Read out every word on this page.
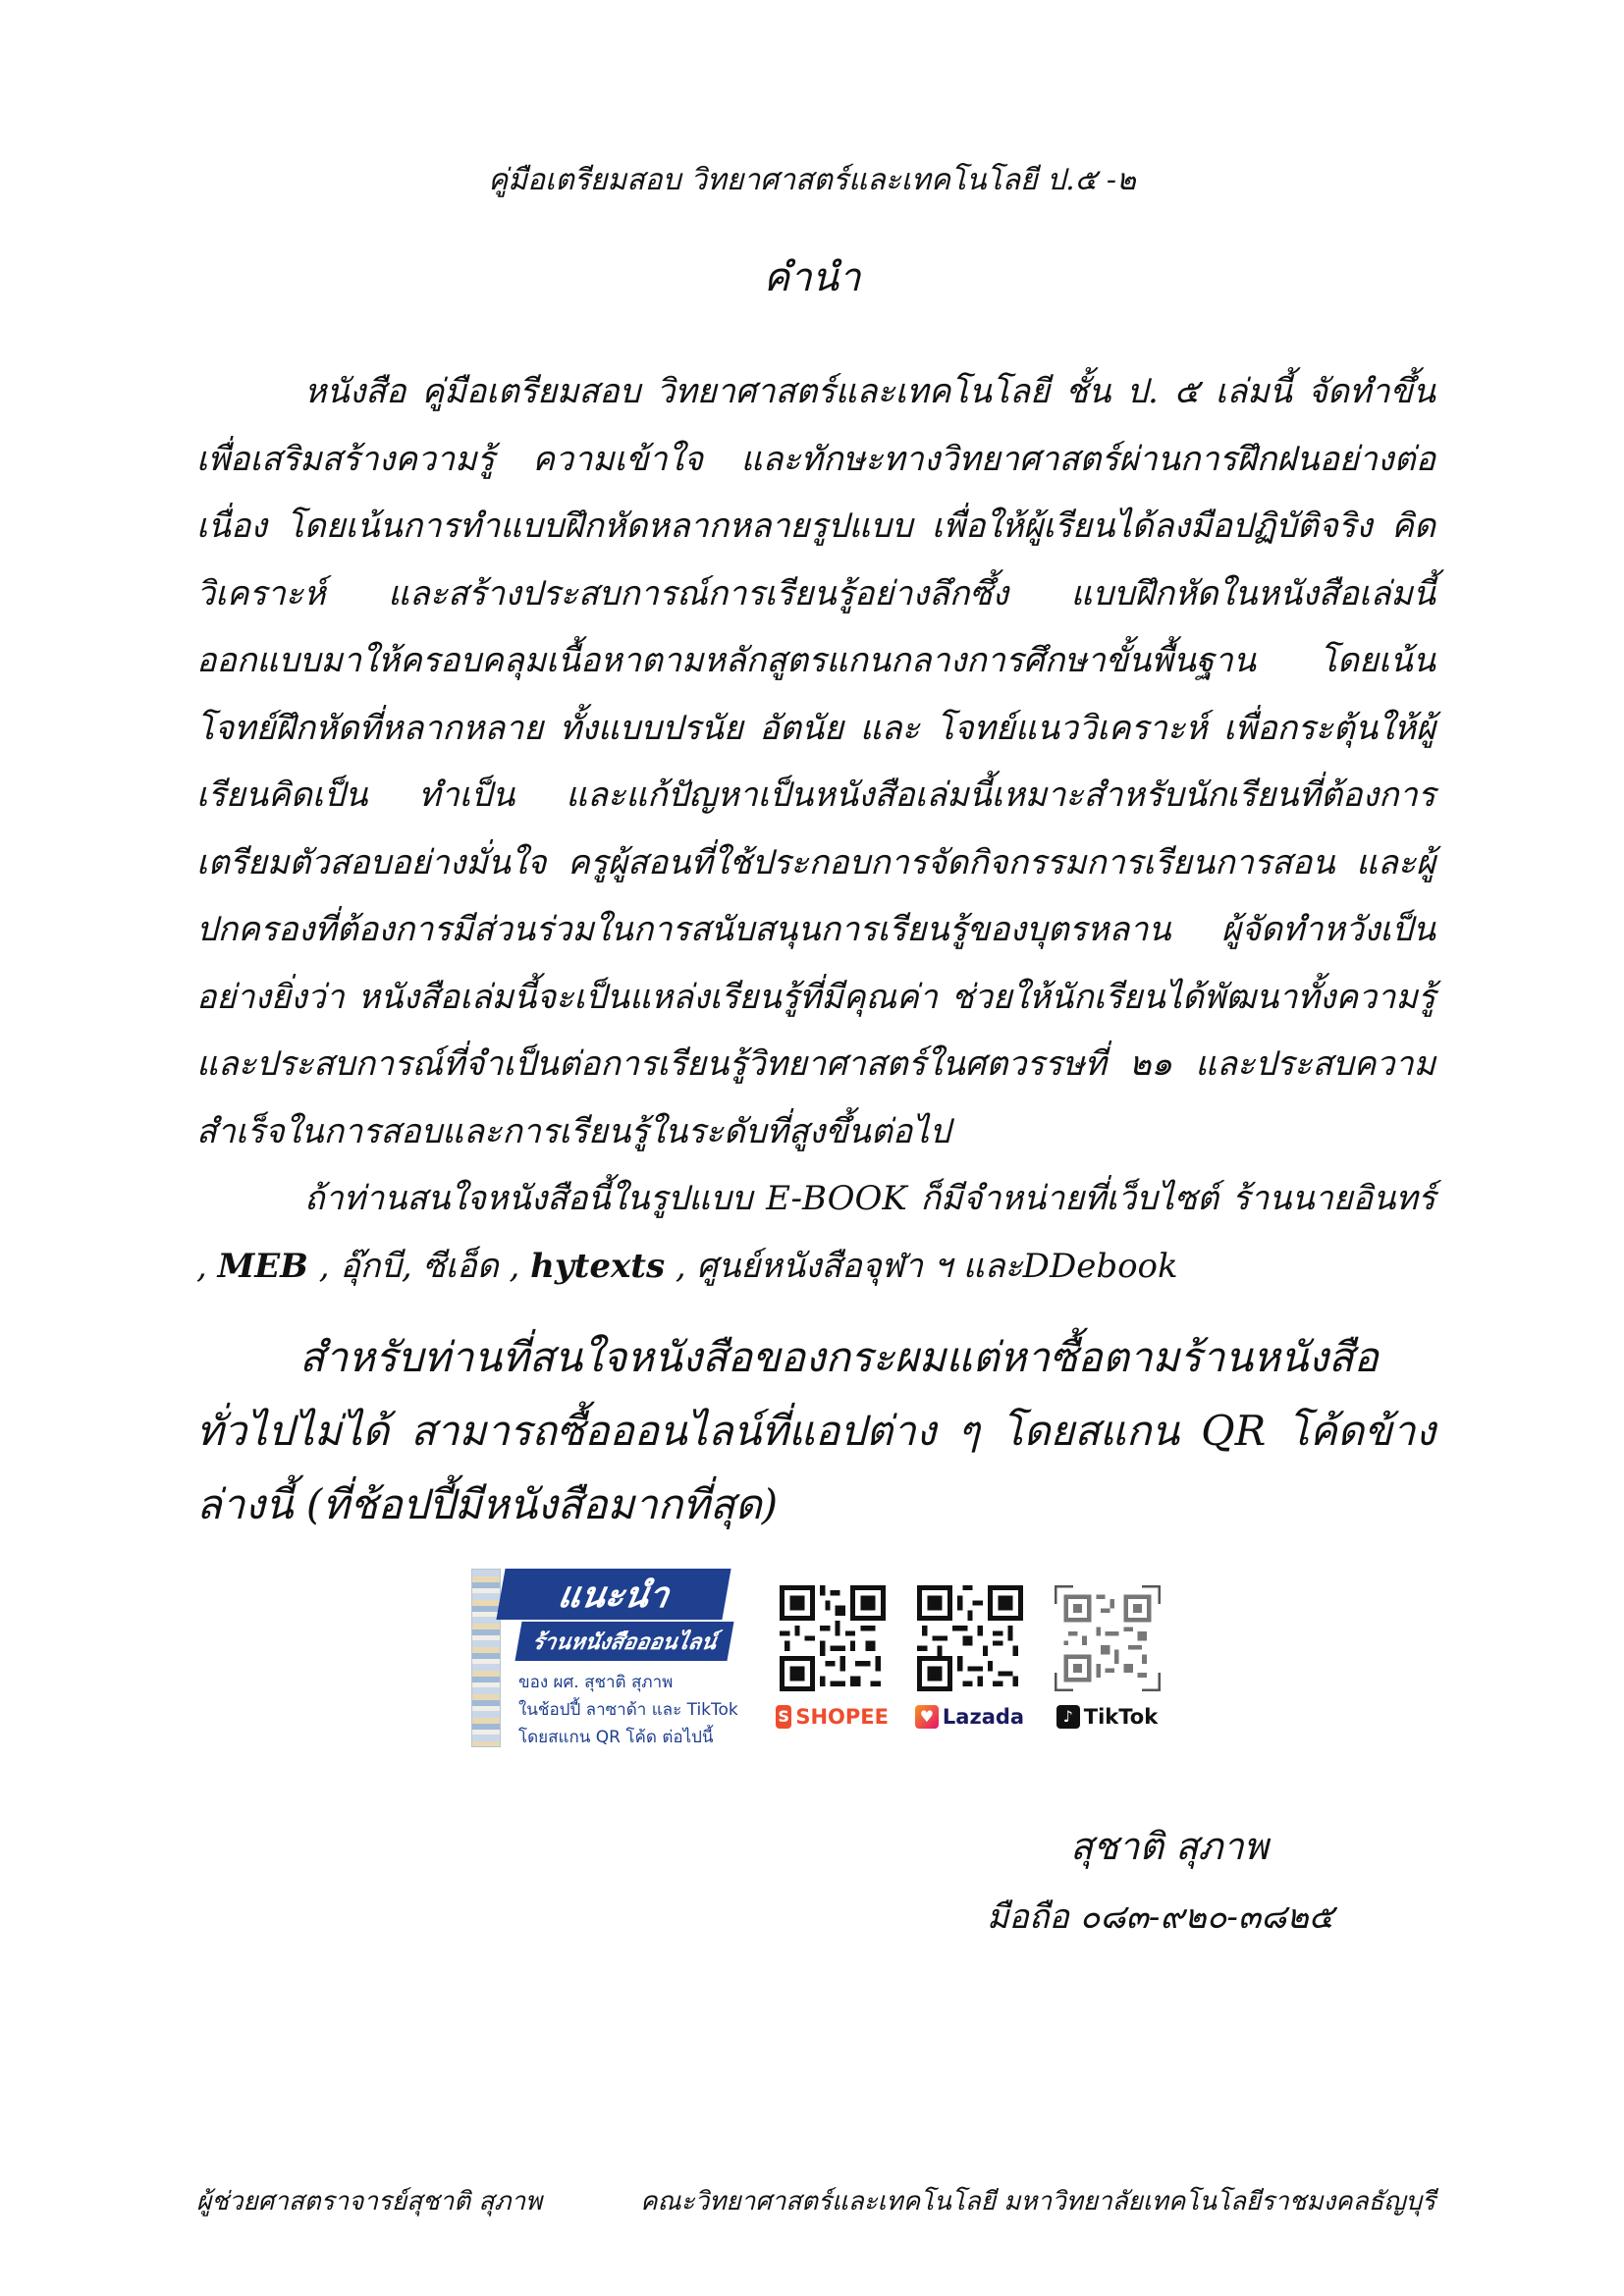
คู่มือเตรียมสอบ วิทยาศาสตร์และเทคโนโลยี ป.๕ -๒
คำนำ

หนังสือ คู่มือเตรียมสอบ วิทยาศาสตร์และเทคโนโลยี ชั้น ป. ๕ เล่มนี้ จัดทำขึ้นเพื่อเสริมสร้างความรู้ ความเข้าใจ และทักษะทางวิทยาศาสตร์ผ่านการฝึกฝนอย่างต่อเนื่อง โดยเน้นการทำแบบฝึกหัดหลากหลายรูปแบบ เพื่อให้ผู้เรียนได้ลงมือปฏิบัติจริง คิดวิเคราะห์ และสร้างประสบการณ์การเรียนรู้อย่างลึกซึ้ง แบบฝึกหัดในหนังสือเล่มนี้ออกแบบมาให้ครอบคลุมเนื้อหาตามหลักสูตรแกนกลางการศึกษาขั้นพื้นฐาน โดยเน้นโจทย์ฝึกหัดที่หลากหลาย ทั้งแบบปรนัย อัตนัย และ โจทย์แนววิเคราะห์ เพื่อกระตุ้นให้ผู้เรียนคิดเป็น ทำเป็น และแก้ปัญหาเป็นหนังสือเล่มนี้เหมาะสำหรับนักเรียนที่ต้องการเตรียมตัวสอบอย่างมั่นใจ ครูผู้สอนที่ใช้ประกอบการจัดกิจกรรมการเรียนการสอน และผู้ปกครองที่ต้องการมีส่วนร่วมในการสนับสนุนการเรียนรู้ของบุตรหลาน ผู้จัดทำหวังเป็นอย่างยิ่งว่า หนังสือเล่มนี้จะเป็นแหล่งเรียนรู้ที่มีคุณค่า ช่วยให้นักเรียนได้พัฒนาทั้งความรู้และประสบการณ์ที่จำเป็นต่อการเรียนรู้วิทยาศาสตร์ในศตวรรษที่ ๒๑ และประสบความสำเร็จในการสอบและการเรียนรู้ในระดับที่สูงขึ้นต่อไป

ถ้าท่านสนใจหนังสือนี้ในรูปแบบ E-BOOK ก็มีจำหน่ายที่เว็บไซต์ ร้านนายอินทร์ , MEB , อุ๊กบี, ซีเอ็ด , hytexts , ศูนย์หนังสือจุฬา ฯ และDDebook

สำหรับท่านที่สนใจหนังสือของกระผมแต่หาซื้อตามร้านหนังสือทั่วไปไม่ได้ สามารถซื้อออนไลน์ที่แอปต่าง ๆ โดยสแกน QR โค้ดข้างล่างนี้ (ที่ช้อปปี้มีหนังสือมากที่สุด)

แนะนำ
ร้านหนังสือออนไลน์
ของ ผศ. สุชาติ สุภาพ
ในช้อปปี้ ลาซาด้า และ TikTok
โดยสแกน QR โค้ด ต่อไปนี้
S SHOPEE	♥ Lazada	♪ TikTok
สุชาติ สุภาพ
มือถือ ๐๘๓-๙๒๐-๓๘๒๕
ผู้ช่วยศาสตราจารย์สุชาติ สุภาพ	คณะวิทยาศาสตร์และเทคโนโลยี มหาวิทยาลัยเทคโนโลยีราชมงคลธัญบุรี
